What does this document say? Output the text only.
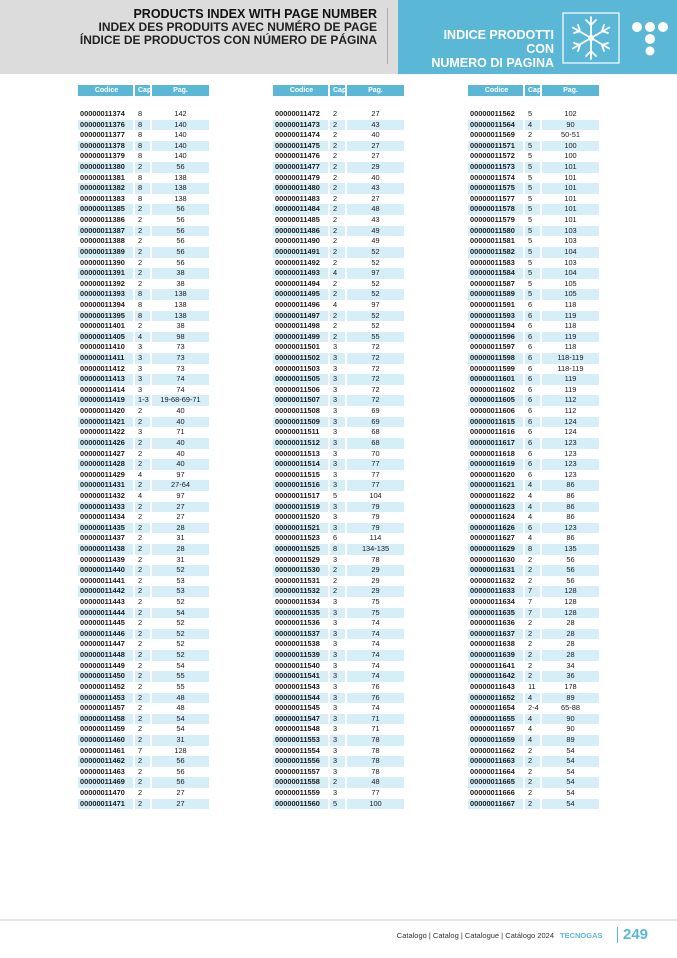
PRODUCTS INDEX WITH PAGE NUMBER
INDEX DES PRODUITS AVEC NUMÉRO DE PAGE
ÍNDICE DE PRODUCTOS CON NÚMERO DE PÁGINA	INDICE PRODOTTI CON
NUMERO DI PAGINA
Codice	Cap	Pag.
00000011374	8	142
00000011376	8	140
00000011377	8	140
00000011378	8	140
00000011379	8	140
00000011380	2	56
00000011381	8	138
00000011382	8	138
00000011383	8	138
00000011385	2	56
00000011386	2	56
00000011387	2	56
00000011388	2	56
00000011389	2	56
00000011390	2	56
00000011391	2	38
00000011392	2	38
00000011393	8	138
00000011394	8	138
00000011395	8	138
00000011401	2	38
00000011405	4	98
00000011410	3	73
00000011411	3	73
00000011412	3	73
00000011413	3	74
00000011414	3	74
00000011419	1-3	19-68-69-71
00000011420	2	40
00000011421	2	40
00000011422	3	71
00000011426	2	40
00000011427	2	40
00000011428	2	40
00000011429	4	97
00000011431	2	27-64
00000011432	4	97
00000011433	2	27
00000011434	2	27
00000011435	2	28
00000011437	2	31
00000011438	2	28
00000011439	2	31
00000011440	2	52
00000011441	2	53
00000011442	2	53
00000011443	2	52
00000011444	2	54
00000011445	2	52
00000011446	2	52
00000011447	2	52
00000011448	2	52
00000011449	2	54
00000011450	2	55
00000011452	2	55
00000011453	2	48
00000011457	2	48
00000011458	2	54
00000011459	2	54
00000011460	2	31
00000011461	7	128
00000011462	2	56
00000011463	2	56
00000011469	2	56
00000011470	2	27
00000011471	2	27
Codice	Cap	Pag.
00000011472	2	27
00000011473	2	43
00000011474	2	40
00000011475	2	27
00000011476	2	27
00000011477	2	29
00000011479	2	40
00000011480	2	43
00000011483	2	27
00000011484	2	48
00000011485	2	43
00000011486	2	49
00000011490	2	49
00000011491	2	52
00000011492	2	52
00000011493	4	97
00000011494	2	52
00000011495	2	52
00000011496	4	97
00000011497	2	52
00000011498	2	52
00000011499	2	55
00000011501	3	72
00000011502	3	72
00000011503	3	72
00000011505	3	72
00000011506	3	72
00000011507	3	72
00000011508	3	69
00000011509	3	69
00000011511	3	68
00000011512	3	68
00000011513	3	70
00000011514	3	77
00000011515	3	77
00000011516	3	77
00000011517	5	104
00000011519	3	79
00000011520	3	79
00000011521	3	79
00000011523	6	114
00000011525	8	134-135
00000011529	3	78
00000011530	2	29
00000011531	2	29
00000011532	2	29
00000011534	3	75
00000011535	3	75
00000011536	3	74
00000011537	3	74
00000011538	3	74
00000011539	3	74
00000011540	3	74
00000011541	3	74
00000011543	3	76
00000011544	3	76
00000011545	3	74
00000011547	3	71
00000011548	3	71
00000011553	3	78
00000011554	3	78
00000011556	3	78
00000011557	3	78
00000011558	2	48
00000011559	3	77
00000011560	5	100
Codice	Cap	Pag.
00000011562	5	102
00000011564	4	90
00000011569	2	50-51
00000011571	5	100
00000011572	5	100
00000011573	5	101
00000011574	5	101
00000011575	5	101
00000011577	5	101
00000011578	5	101
00000011579	5	101
00000011580	5	103
00000011581	5	103
00000011582	5	104
00000011583	5	103
00000011584	5	104
00000011587	5	105
00000011589	5	105
00000011591	6	118
00000011593	6	119
00000011594	6	118
00000011596	6	119
00000011597	6	118
00000011598	6	118-119
00000011599	6	118-119
00000011601	6	119
00000011602	6	119
00000011605	6	112
00000011606	6	112
00000011615	6	124
00000011616	6	124
00000011617	6	123
00000011618	6	123
00000011619	6	123
00000011620	6	123
00000011621	4	86
00000011622	4	86
00000011623	4	86
00000011624	4	86
00000011626	6	123
00000011627	4	86
00000011629	8	135
00000011630	2	56
00000011631	2	56
00000011632	2	56
00000011633	7	128
00000011634	7	128
00000011635	7	128
00000011636	2	28
00000011637	2	28
00000011638	2	28
00000011639	2	28
00000011641	2	34
00000011642	2	36
00000011643	11	178
00000011652	4	89
00000011654	2-4	65-88
00000011655	4	90
00000011657	4	90
00000011659	4	89
00000011662	2	54
00000011663	2	54
00000011664	2	54
00000011665	2	54
00000011666	2	54
00000011667	2	54
Catalogo | Catalog | Catalogue | Catálogo 2024 TECNOGAS 249
